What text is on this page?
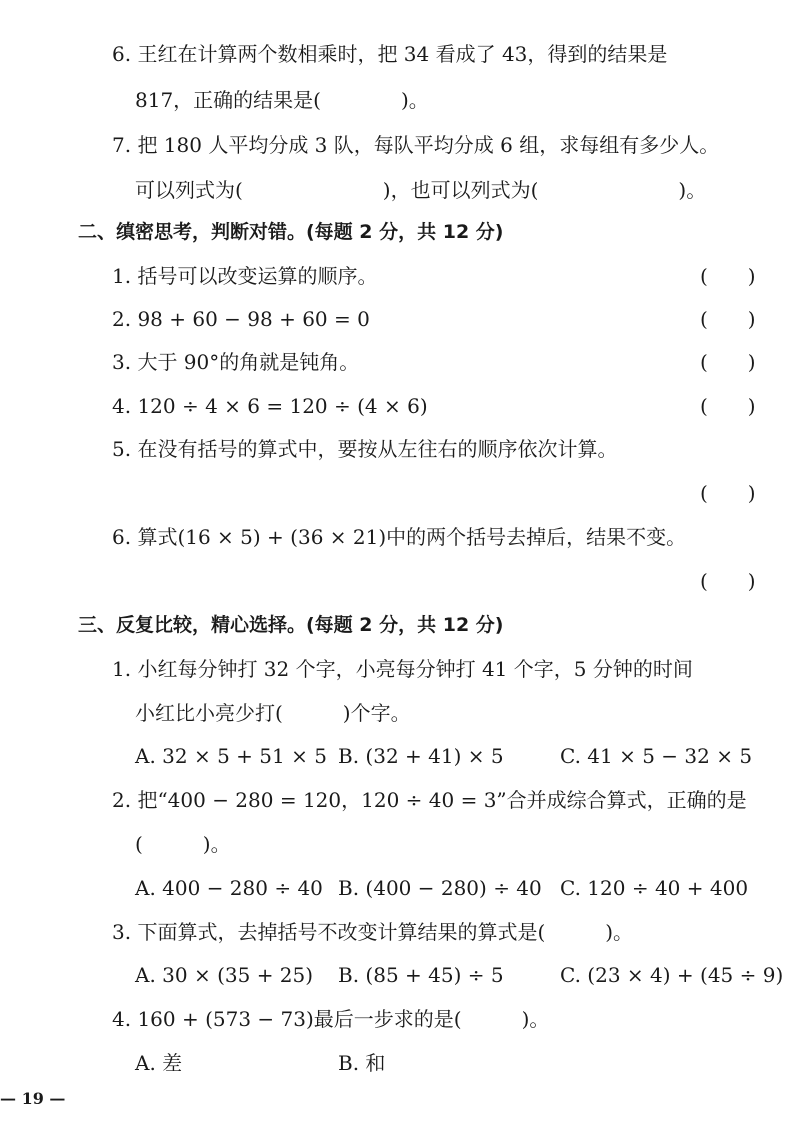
6. 王红在计算两个数相乘时，把 34 看成了 43，得到的结果是
817，正确的结果是(　　　　)。
7. 把 180 人平均分成 3 队，每队平均分成 6 组，求每组有多少人。
可以列式为(　　　　　　　)，也可以列式为(　　　　　　　)。
二、缜密思考，判断对错。(每题 2 分，共 12 分)
1. 括号可以改变运算的顺序。	(　　)
2. 98 + 60 − 98 + 60 = 0	(　　)
3. 大于 90°的角就是钝角。	(　　)
4. 120 ÷ 4 × 6 = 120 ÷ (4 × 6)	(　　)
5. 在没有括号的算式中，要按从左往右的顺序依次计算。
(　　)
6. 算式(16 × 5) + (36 × 21)中的两个括号去掉后，结果不变。
(　　)
三、反复比较，精心选择。(每题 2 分，共 12 分)
1. 小红每分钟打 32 个字，小亮每分钟打 41 个字，5 分钟的时间
小红比小亮少打(　　　)个字。
A. 32 × 5 + 51 × 5 B. (32 + 41) × 5	C. 41 × 5 − 32 × 5
2. 把“400 − 280 = 120，120 ÷ 40 = 3”合并成综合算式，正确的是
(　　　)。
A. 400 − 280 ÷ 40 B. (400 − 280) ÷ 40 C. 120 ÷ 40 + 400
3. 下面算式，去掉括号不改变计算结果的算式是(　　　)。
A. 30 × (35 + 25) B. (85 + 45) ÷ 5	C. (23 × 4) + (45 ÷ 9)
4. 160 + (573 − 73)最后一步求的是(　　　)。
A. 差	B. 和
— 19 —
